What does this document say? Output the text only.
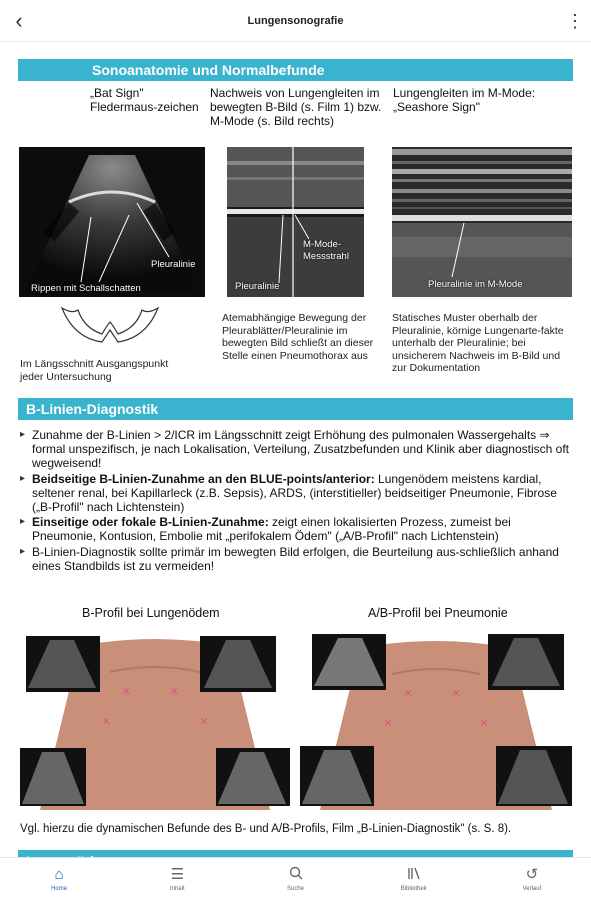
‹	Lungensonografie	⋮
Sonoanatomie und Normalbefunde
„Bat Sign" Fledermaus-zeichen
Nachweis von Lungengleiten im bewegten B-Bild (s. Film 1) bzw. M-Mode (s. Bild rechts)
Lungengleiten im M-Mode: „Seashore Sign"
Pleuralinie
Rippen mit Schallschatten
M-Mode-Messstrahl
Pleuralinie	Pleuralinie im M-Mode
Im Längsschnitt Ausgangspunkt jeder Untersuchung
Atemabhängige Bewegung der Pleurablätter/Pleuralinie im bewegten Bild schließt an dieser Stelle einen Pneumothorax aus
Statisches Muster oberhalb der Pleuralinie, körnige Lungenarte-fakte unterhalb der Pleuralinie; bei unsicherem Nachweis im B-Bild und zur Dokumentation
B-Linien-Diagnostik
▸ Zunahme der B-Linien > 2/ICR im Längsschnitt zeigt Erhöhung des pulmonalen Wassergehalts ⇒ formal unspezifisch, je nach Lokalisation, Verteilung, Zusatzbefunden und Klinik aber diagnostisch oft wegweisend!
▸ Beidseitige B-Linien-Zunahme an den BLUE-points/anterior: Lungenödem meistens kardial, seltener renal, bei Kapillarleck (z.B. Sepsis), ARDS, (interstitieller) beidseitiger Pneumonie, Fibrose („B-Profil" nach Lichtenstein)
▸ Einseitige oder fokale B-Linien-Zunahme: zeigt einen lokalisierten Prozess, zumeist bei Pneumonie, Kontusion, Embolie mit „perifokalem Ödem" („A/B-Profil" nach Lichtenstein)
▸ B-Linien-Diagnostik sollte primär im bewegten Bild erfolgen, die Beurteilung aus-schließlich anhand eines Standbilds ist zu vermeiden!
B-Profil bei Lungenödem	A/B-Profil bei Pneumonie
×	×
×	×
×	×
×	×
Vgl. hierzu die dynamischen Befunde des B- und A/B-Profils, Film „B-Linien-Diagnostik" (s. S. 8).
⌂
Home
☰
Inhalt	Suche	Bibliothek
↺
Verlauf
